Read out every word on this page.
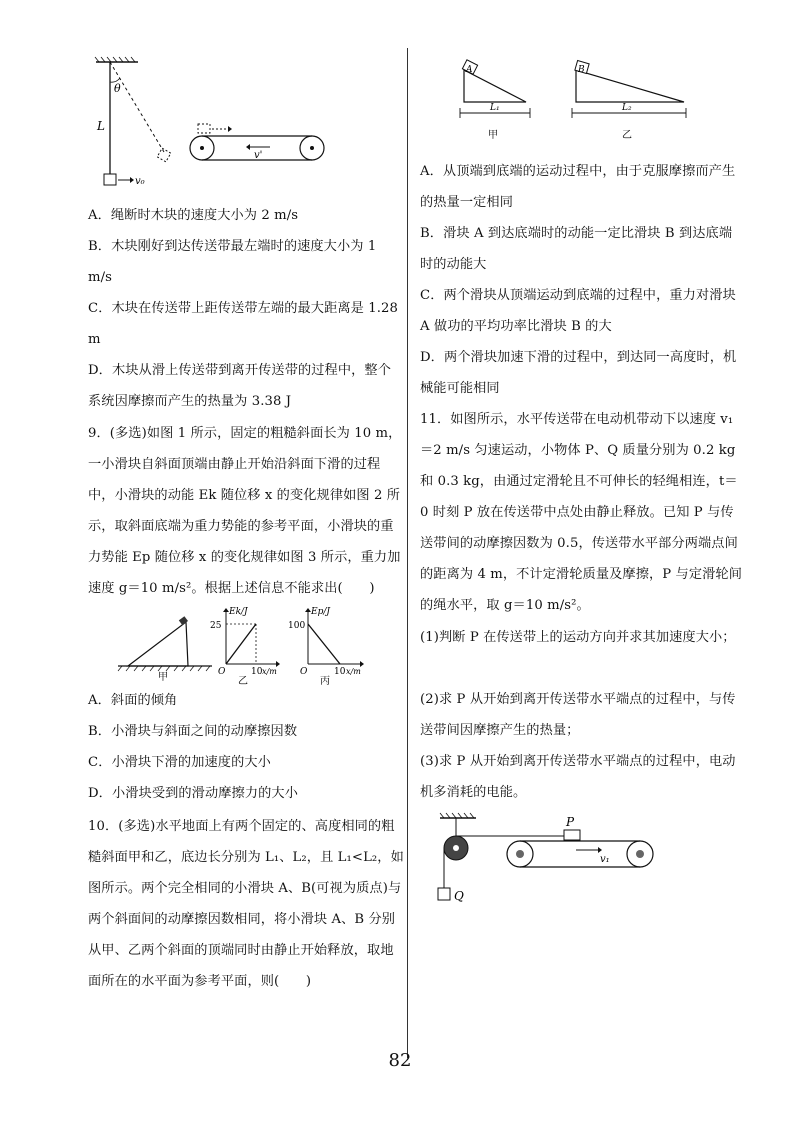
θ
L
v₀
v'
A．绳断时木块的速度大小为 2 m/s
B．木块刚好到达传送带最左端时的速度大小为 1 m/s
C．木块在传送带上距传送带左端的最大距离是 1.28 m
D．木块从滑上传送带到离开传送带的过程中，整个系统因摩擦而产生的热量为 3.38 J
9．(多选)如图 1 所示，固定的粗糙斜面长为 10 m，一小滑块自斜面顶端由静止开始沿斜面下滑的过程中，小滑块的动能 Ek 随位移 x 的变化规律如图 2 所示，取斜面底端为重力势能的参考平面，小滑块的重力势能 Ep 随位移 x 的变化规律如图 3 所示，重力加速度 g＝10 m/s²。根据上述信息不能求出(　　)
甲
Ek/J
25
O	10 x/m
乙
Ep/J
100
O	10 x/m
丙
A．斜面的倾角
B．小滑块与斜面之间的动摩擦因数
C．小滑块下滑的加速度的大小
D．小滑块受到的滑动摩擦力的大小
10．(多选)水平地面上有两个固定的、高度相同的粗糙斜面甲和乙，底边长分别为 L₁、L₂，且 L₁<L₂，如图所示。两个完全相同的小滑块 A、B(可视为质点)与两个斜面间的动摩擦因数相同，将小滑块 A、B 分别从甲、乙两个斜面的顶端同时由静止开始释放，取地面所在的水平面为参考平面，则(　　)
A
L₁
甲
B
L₂
乙
A．从顶端到底端的运动过程中，由于克服摩擦而产生的热量一定相同
B．滑块 A 到达底端时的动能一定比滑块 B 到达底端时的动能大
C．两个滑块从顶端运动到底端的过程中，重力对滑块 A 做功的平均功率比滑块 B 的大
D．两个滑块加速下滑的过程中，到达同一高度时，机械能可能相同
11．如图所示，水平传送带在电动机带动下以速度 v₁＝2 m/s 匀速运动，小物体 P、Q 质量分别为 0.2 kg 和 0.3 kg，由通过定滑轮且不可伸长的轻绳相连，t＝0 时刻 P 放在传送带中点处由静止释放。已知 P 与传送带间的动摩擦因数为 0.5，传送带水平部分两端点间的距离为 4 m，不计定滑轮质量及摩擦，P 与定滑轮间的绳水平，取 g＝10 m/s²。
(1)判断 P 在传送带上的运动方向并求其加速度大小；
(2)求 P 从开始到离开传送带水平端点的过程中，与传送带间因摩擦产生的热量；
(3)求 P 从开始到离开传送带水平端点的过程中，电动机多消耗的电能。
Q
P
v₁
82
